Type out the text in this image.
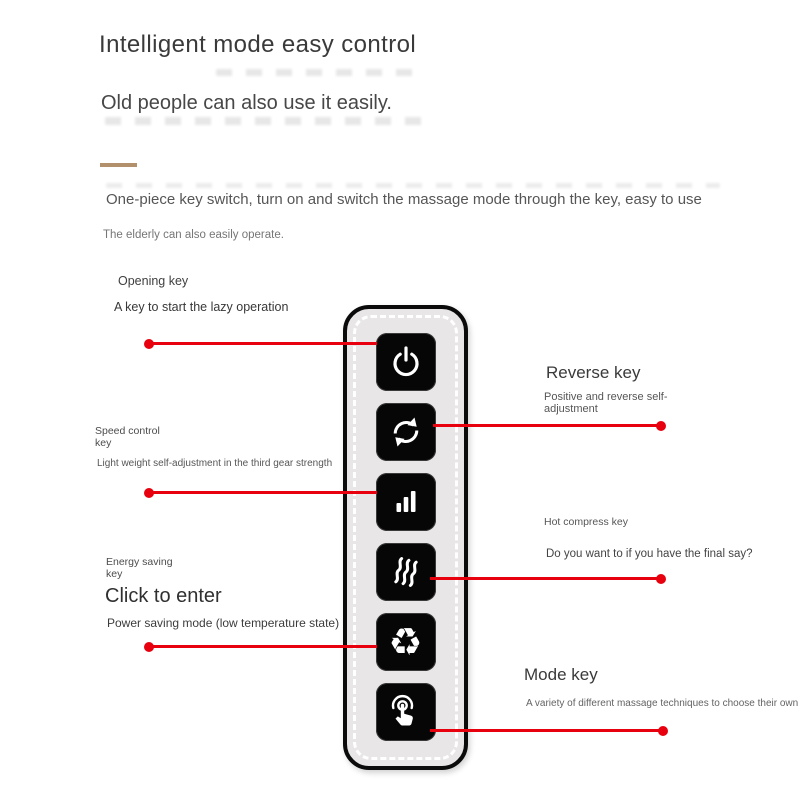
Intelligent mode easy control
Old people can also use it easily.
One-piece key switch, turn on and switch the massage mode through the key, easy to use
The elderly can also easily operate.
Opening key
A key to start the lazy operation
Speed control key
Light weight self-adjustment in the third gear strength
Energy saving key
Click to enter
Power saving mode (low temperature state)
Reverse key
Positive and reverse self-adjustment
Hot compress key
Do you want to if you have the final say?
Mode key
A variety of different massage techniques to choose their own
♻
